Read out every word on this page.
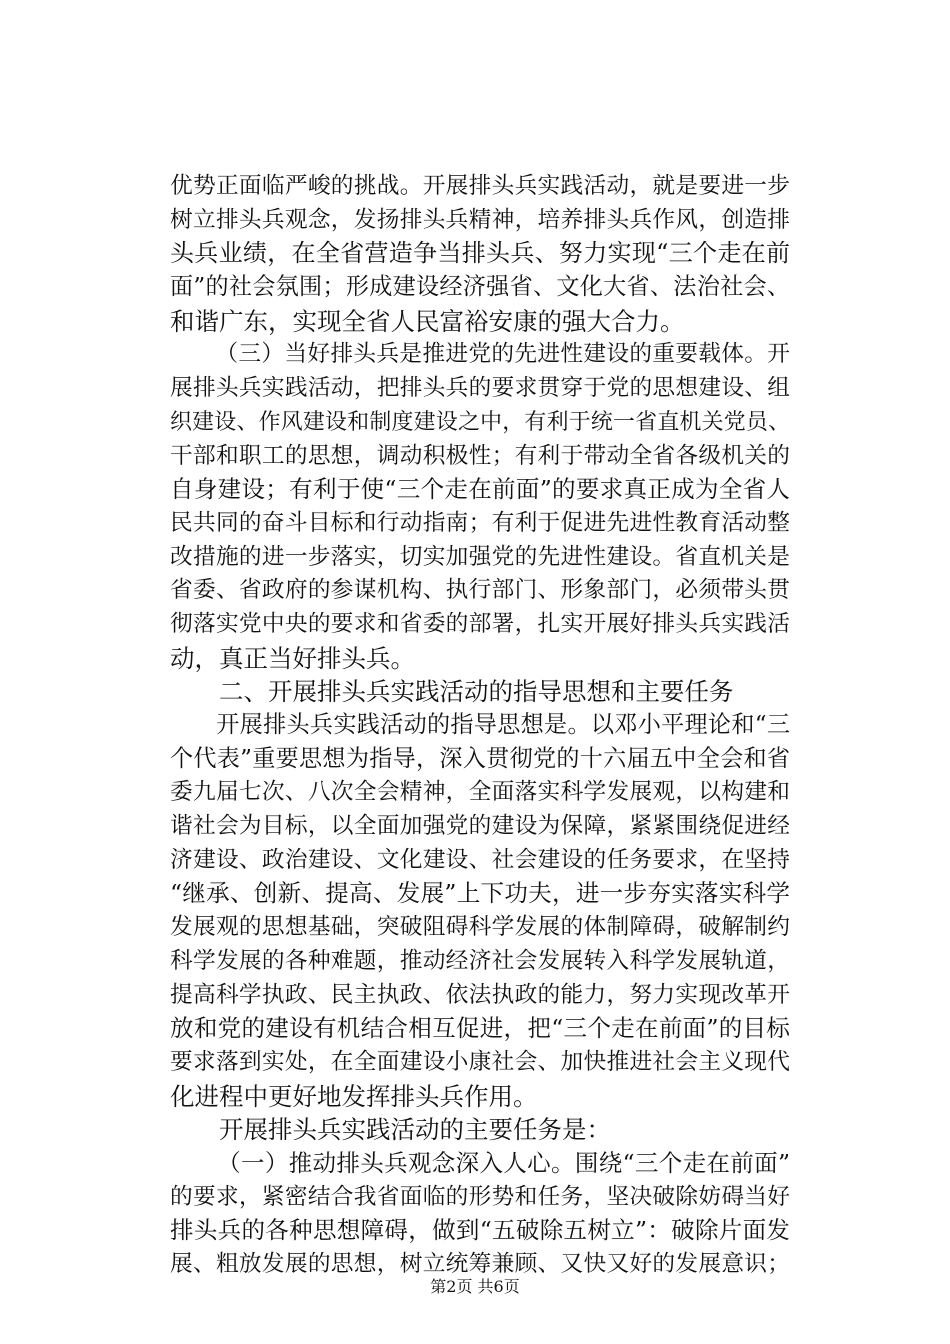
优势正面临严峻的挑战。开展排头兵实践活动，就是要进一步
树立排头兵观念，发扬排头兵精神，培养排头兵作风，创造排
头兵业绩，在全省营造争当排头兵、努力实现“三个走在前
面”的社会氛围；形成建设经济强省、文化大省、法治社会、
和谐广东，实现全省人民富裕安康的强大合力。
（三）当好排头兵是推进党的先进性建设的重要载体。开
展排头兵实践活动，把排头兵的要求贯穿于党的思想建设、组
织建设、作风建设和制度建设之中，有利于统一省直机关党员、
干部和职工的思想，调动积极性；有利于带动全省各级机关的
自身建设；有利于使“三个走在前面”的要求真正成为全省人
民共同的奋斗目标和行动指南；有利于促进先进性教育活动整
改措施的进一步落实，切实加强党的先进性建设。省直机关是
省委、省政府的参谋机构、执行部门、形象部门，必须带头贯
彻落实党中央的要求和省委的部署，扎实开展好排头兵实践活
动，真正当好排头兵。
二、开展排头兵实践活动的指导思想和主要任务
开展排头兵实践活动的指导思想是。以邓小平理论和“三
个代表”重要思想为指导，深入贯彻党的十六届五中全会和省
委九届七次、八次全会精神，全面落实科学发展观，以构建和
谐社会为目标，以全面加强党的建设为保障，紧紧围绕促进经
济建设、政治建设、文化建设、社会建设的任务要求，在坚持
“继承、创新、提高、发展”上下功夫，进一步夯实落实科学
发展观的思想基础，突破阻碍科学发展的体制障碍，破解制约
科学发展的各种难题，推动经济社会发展转入科学发展轨道，
提高科学执政、民主执政、依法执政的能力，努力实现改革开
放和党的建设有机结合相互促进，把“三个走在前面”的目标
要求落到实处，在全面建设小康社会、加快推进社会主义现代
化进程中更好地发挥排头兵作用。
开展排头兵实践活动的主要任务是：
（一）推动排头兵观念深入人心。围绕“三个走在前面”
的要求，紧密结合我省面临的形势和任务，坚决破除妨碍当好
排头兵的各种思想障碍，做到“五破除五树立”：破除片面发
展、粗放发展的思想，树立统筹兼顾、又快又好的发展意识；
第2页 共6页
